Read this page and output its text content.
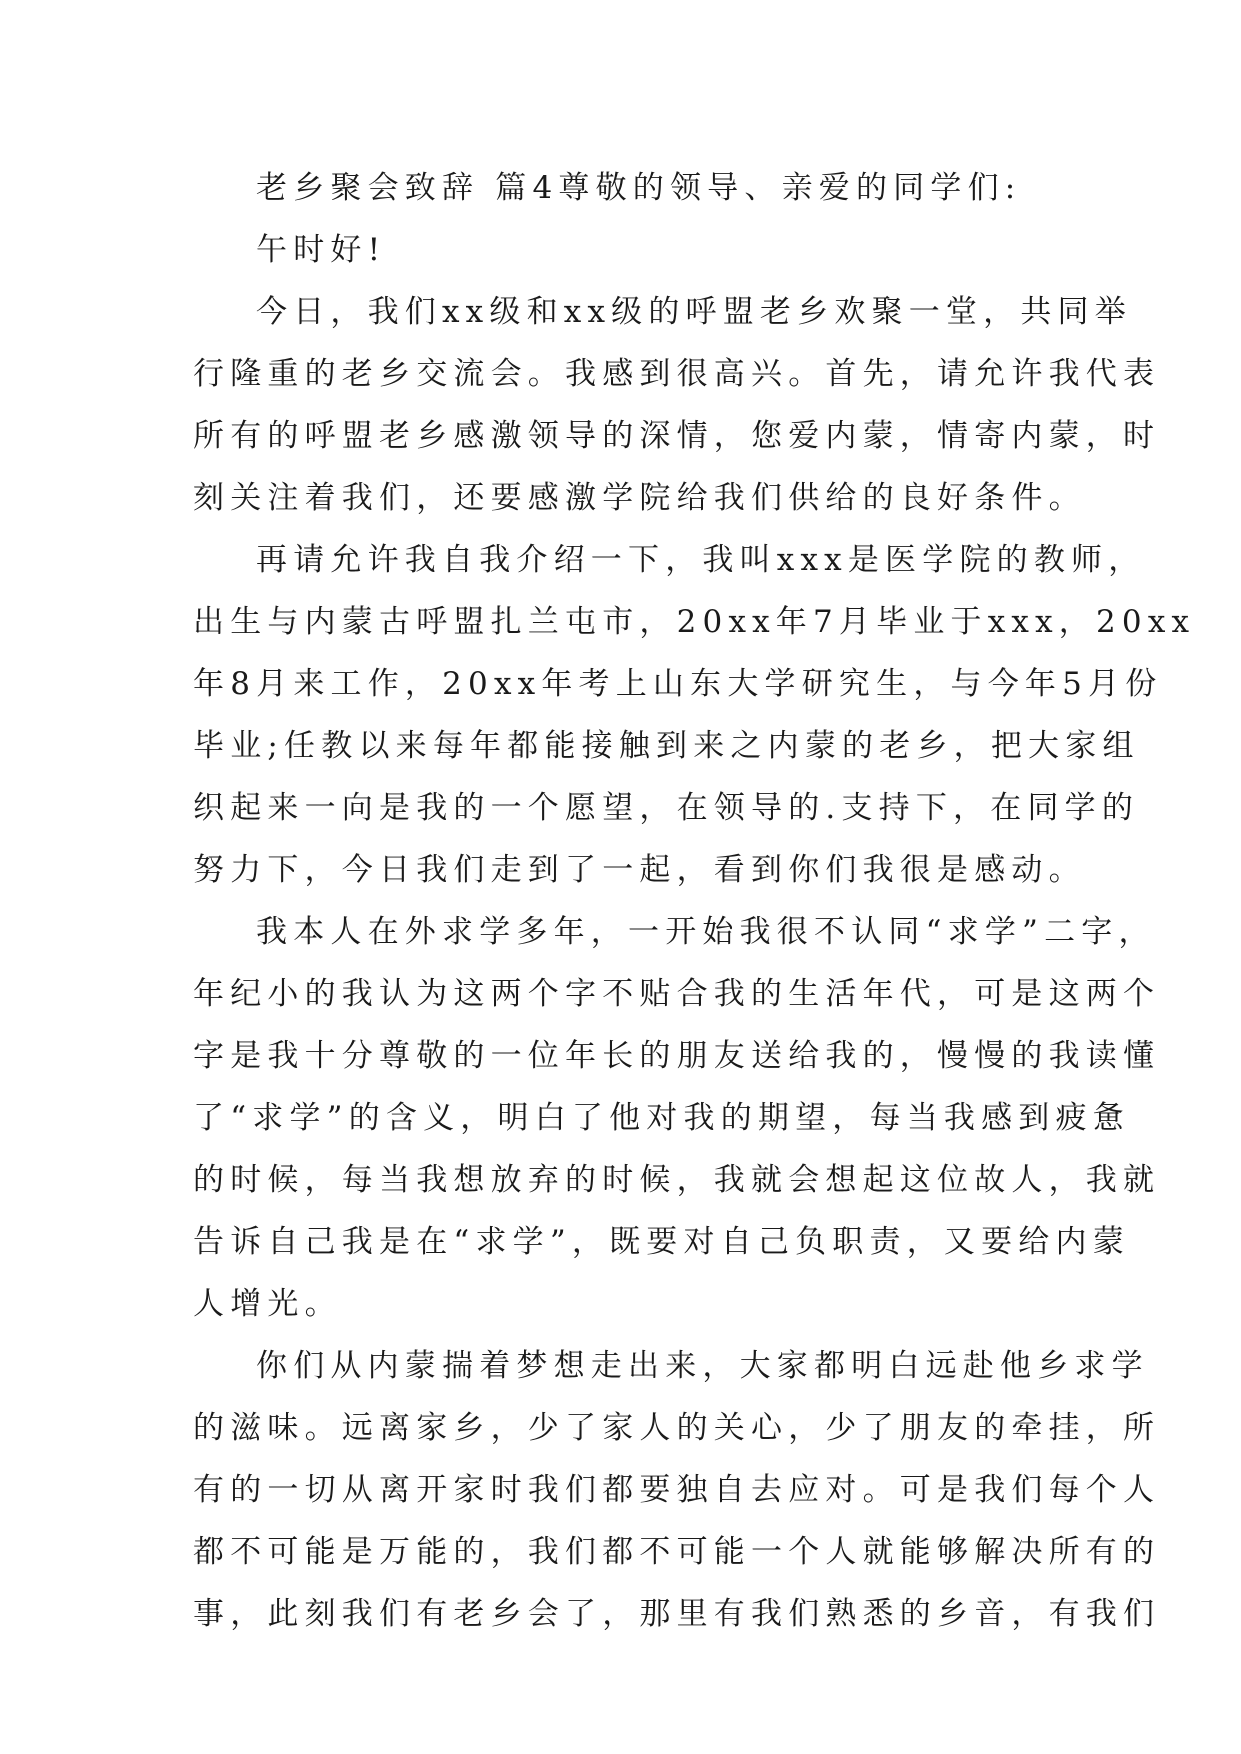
老乡聚会致辞 篇4尊敬的领导、亲爱的同学们:
午时好!
今日，我们xx级和xx级的呼盟老乡欢聚一堂，共同举
行隆重的老乡交流会。我感到很高兴。首先，请允许我代表
所有的呼盟老乡感激领导的深情，您爱内蒙，情寄内蒙，时
刻关注着我们，还要感激学院给我们供给的良好条件。
再请允许我自我介绍一下，我叫xxx是医学院的教师，
出生与内蒙古呼盟扎兰屯市，20xx年7月毕业于xxx，20xx
年8月来工作，20xx年考上山东大学研究生，与今年5月份
毕业;任教以来每年都能接触到来之内蒙的老乡，把大家组
织起来一向是我的一个愿望，在领导的.支持下，在同学的
努力下，今日我们走到了一起，看到你们我很是感动。
我本人在外求学多年，一开始我很不认同“求学”二字，
年纪小的我认为这两个字不贴合我的生活年代，可是这两个
字是我十分尊敬的一位年长的朋友送给我的，慢慢的我读懂
了“求学”的含义，明白了他对我的期望，每当我感到疲惫
的时候，每当我想放弃的时候，我就会想起这位故人，我就
告诉自己我是在“求学”，既要对自己负职责，又要给内蒙
人增光。
你们从内蒙揣着梦想走出来，大家都明白远赴他乡求学
的滋味。远离家乡，少了家人的关心，少了朋友的牵挂，所
有的一切从离开家时我们都要独自去应对。可是我们每个人
都不可能是万能的，我们都不可能一个人就能够解决所有的
事，此刻我们有老乡会了，那里有我们熟悉的乡音，有我们
